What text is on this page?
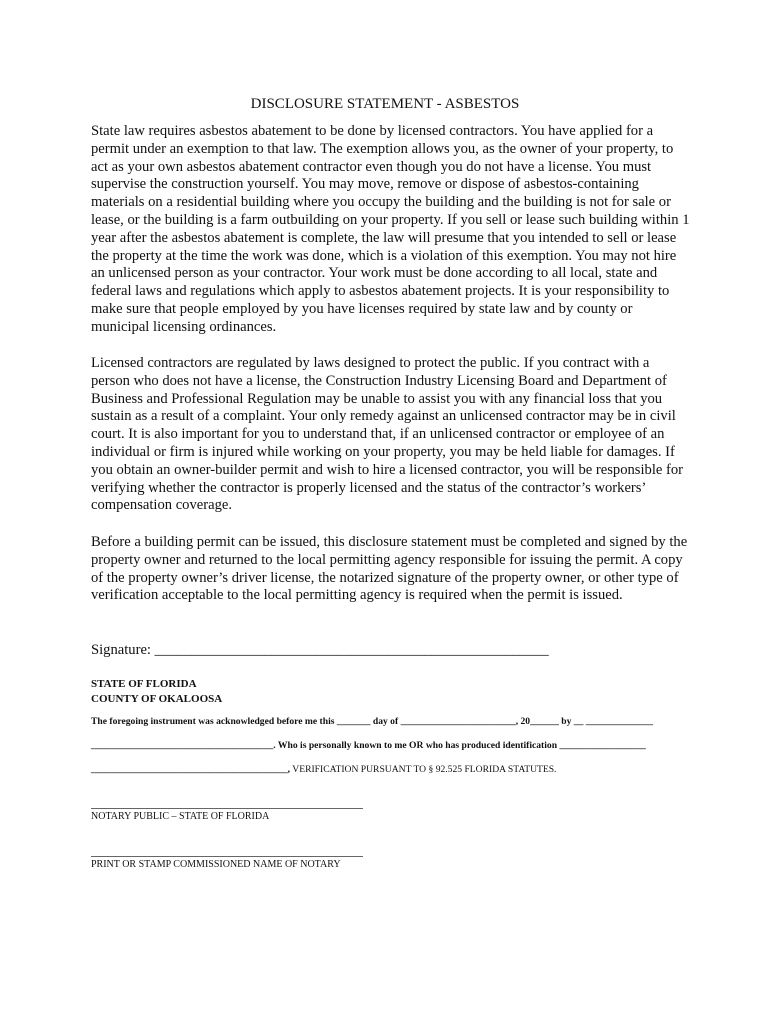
DISCLOSURE STATEMENT - ASBESTOS

State law requires asbestos abatement to be done by licensed contractors. You have applied for a permit under an exemption to that law. The exemption allows you, as the owner of your property, to act as your own asbestos abatement contractor even though you do not have a license. You must supervise the construction yourself. You may move, remove or dispose of asbestos-containing materials on a residential building where you occupy the building and the building is not for sale or lease, or the building is a farm outbuilding on your property. If you sell or lease such building within 1 year after the asbestos abatement is complete, the law will presume that you intended to sell or lease the property at the time the work was done, which is a violation of this exemption. You may not hire an unlicensed person as your contractor. Your work must be done according to all local, state and federal laws and regulations which apply to asbestos abatement projects. It is your responsibility to make sure that people employed by you have licenses required by state law and by county or municipal licensing ordinances.

Licensed contractors are regulated by laws designed to protect the public. If you contract with a person who does not have a license, the Construction Industry Licensing Board and Department of Business and Professional Regulation may be unable to assist you with any financial loss that you sustain as a result of a complaint. Your only remedy against an unlicensed contractor may be in civil court. It is also important for you to understand that, if an unlicensed contractor or employee of an individual or firm is injured while working on your property, you may be held liable for damages. If you obtain an owner-builder permit and wish to hire a licensed contractor, you will be responsible for verifying whether the contractor is properly licensed and the status of the contractor’s workers’ compensation coverage.

Before a building permit can be issued, this disclosure statement must be completed and signed by the property owner and returned to the local permitting agency responsible for issuing the permit. A copy of the property owner’s driver license, the notarized signature of the property owner, or other type of verification acceptable to the local permitting agency is required when the permit is issued.

Signature: ______________________________________________________
STATE OF FLORIDA
COUNTY OF OKALOOSA
The foregoing instrument was acknowledged before me this _______ day of ________________________, 20______ by __ ______________
______________________________________. Who is personally known to me OR who has produced identification __________________
_________________________________________, VERIFICATION PURSUANT TO § 92.525 FLORIDA STATUTES.
NOTARY PUBLIC – STATE OF FLORIDA
PRINT OR STAMP COMMISSIONED NAME OF NOTARY
